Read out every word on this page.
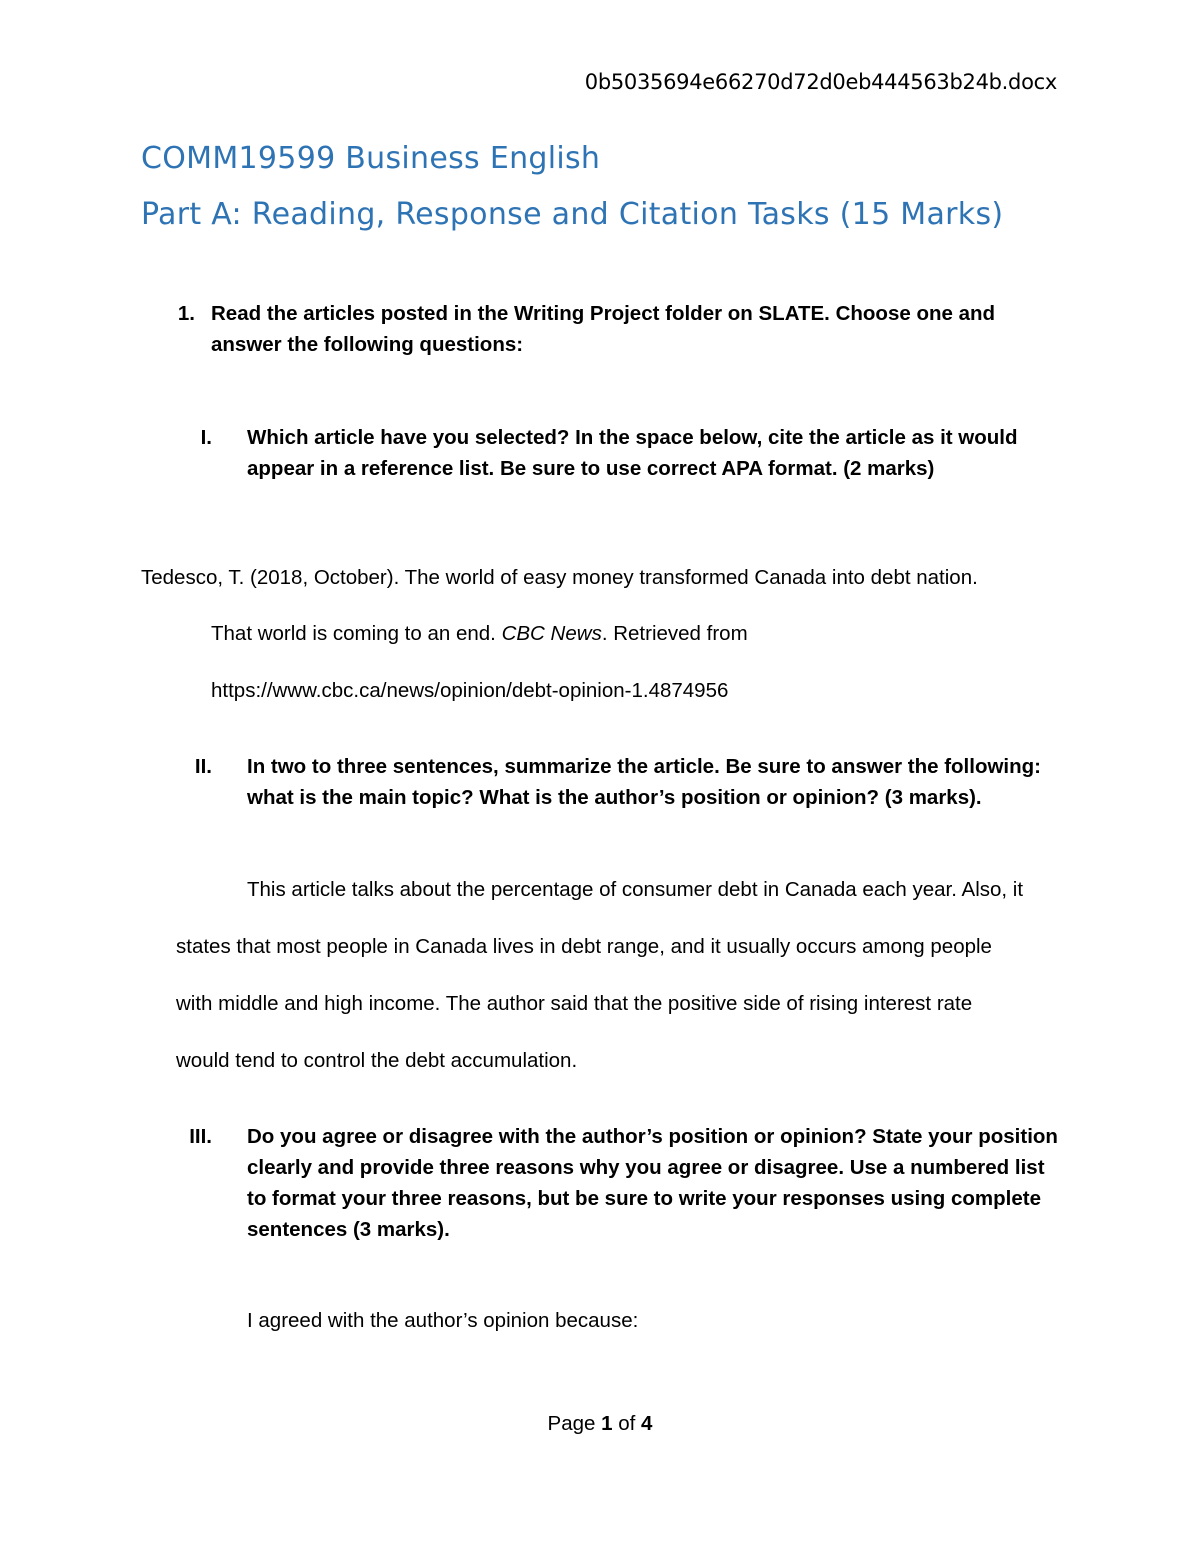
0b5035694e66270d72d0eb444563b24b.docx
COMM19599 Business English
Part A: Reading, Response and Citation Tasks (15 Marks)
1. Read the articles posted in the Writing Project folder on SLATE. Choose one and
answer the following questions:
I. Which article have you selected? In the space below, cite the article as it would
appear in a reference list. Be sure to use correct APA format. (2 marks)
Tedesco, T. (2018, October). The world of easy money transformed Canada into debt nation.
That world is coming to an end. CBC News. Retrieved from
https://www.cbc.ca/news/opinion/debt-opinion-1.4874956
II. In two to three sentences, summarize the article. Be sure to answer the following:
what is the main topic? What is the author’s position or opinion? (3 marks).
This article talks about the percentage of consumer debt in Canada each year. Also, it
states that most people in Canada lives in debt range, and it usually occurs among people
with middle and high income. The author said that the positive side of rising interest rate
would tend to control the debt accumulation.
III. Do you agree or disagree with the author’s position or opinion? State your position
clearly and provide three reasons why you agree or disagree. Use a numbered list
to format your three reasons, but be sure to write your responses using complete
sentences (3 marks).
I agreed with the author’s opinion because:
Page 1 of 4
